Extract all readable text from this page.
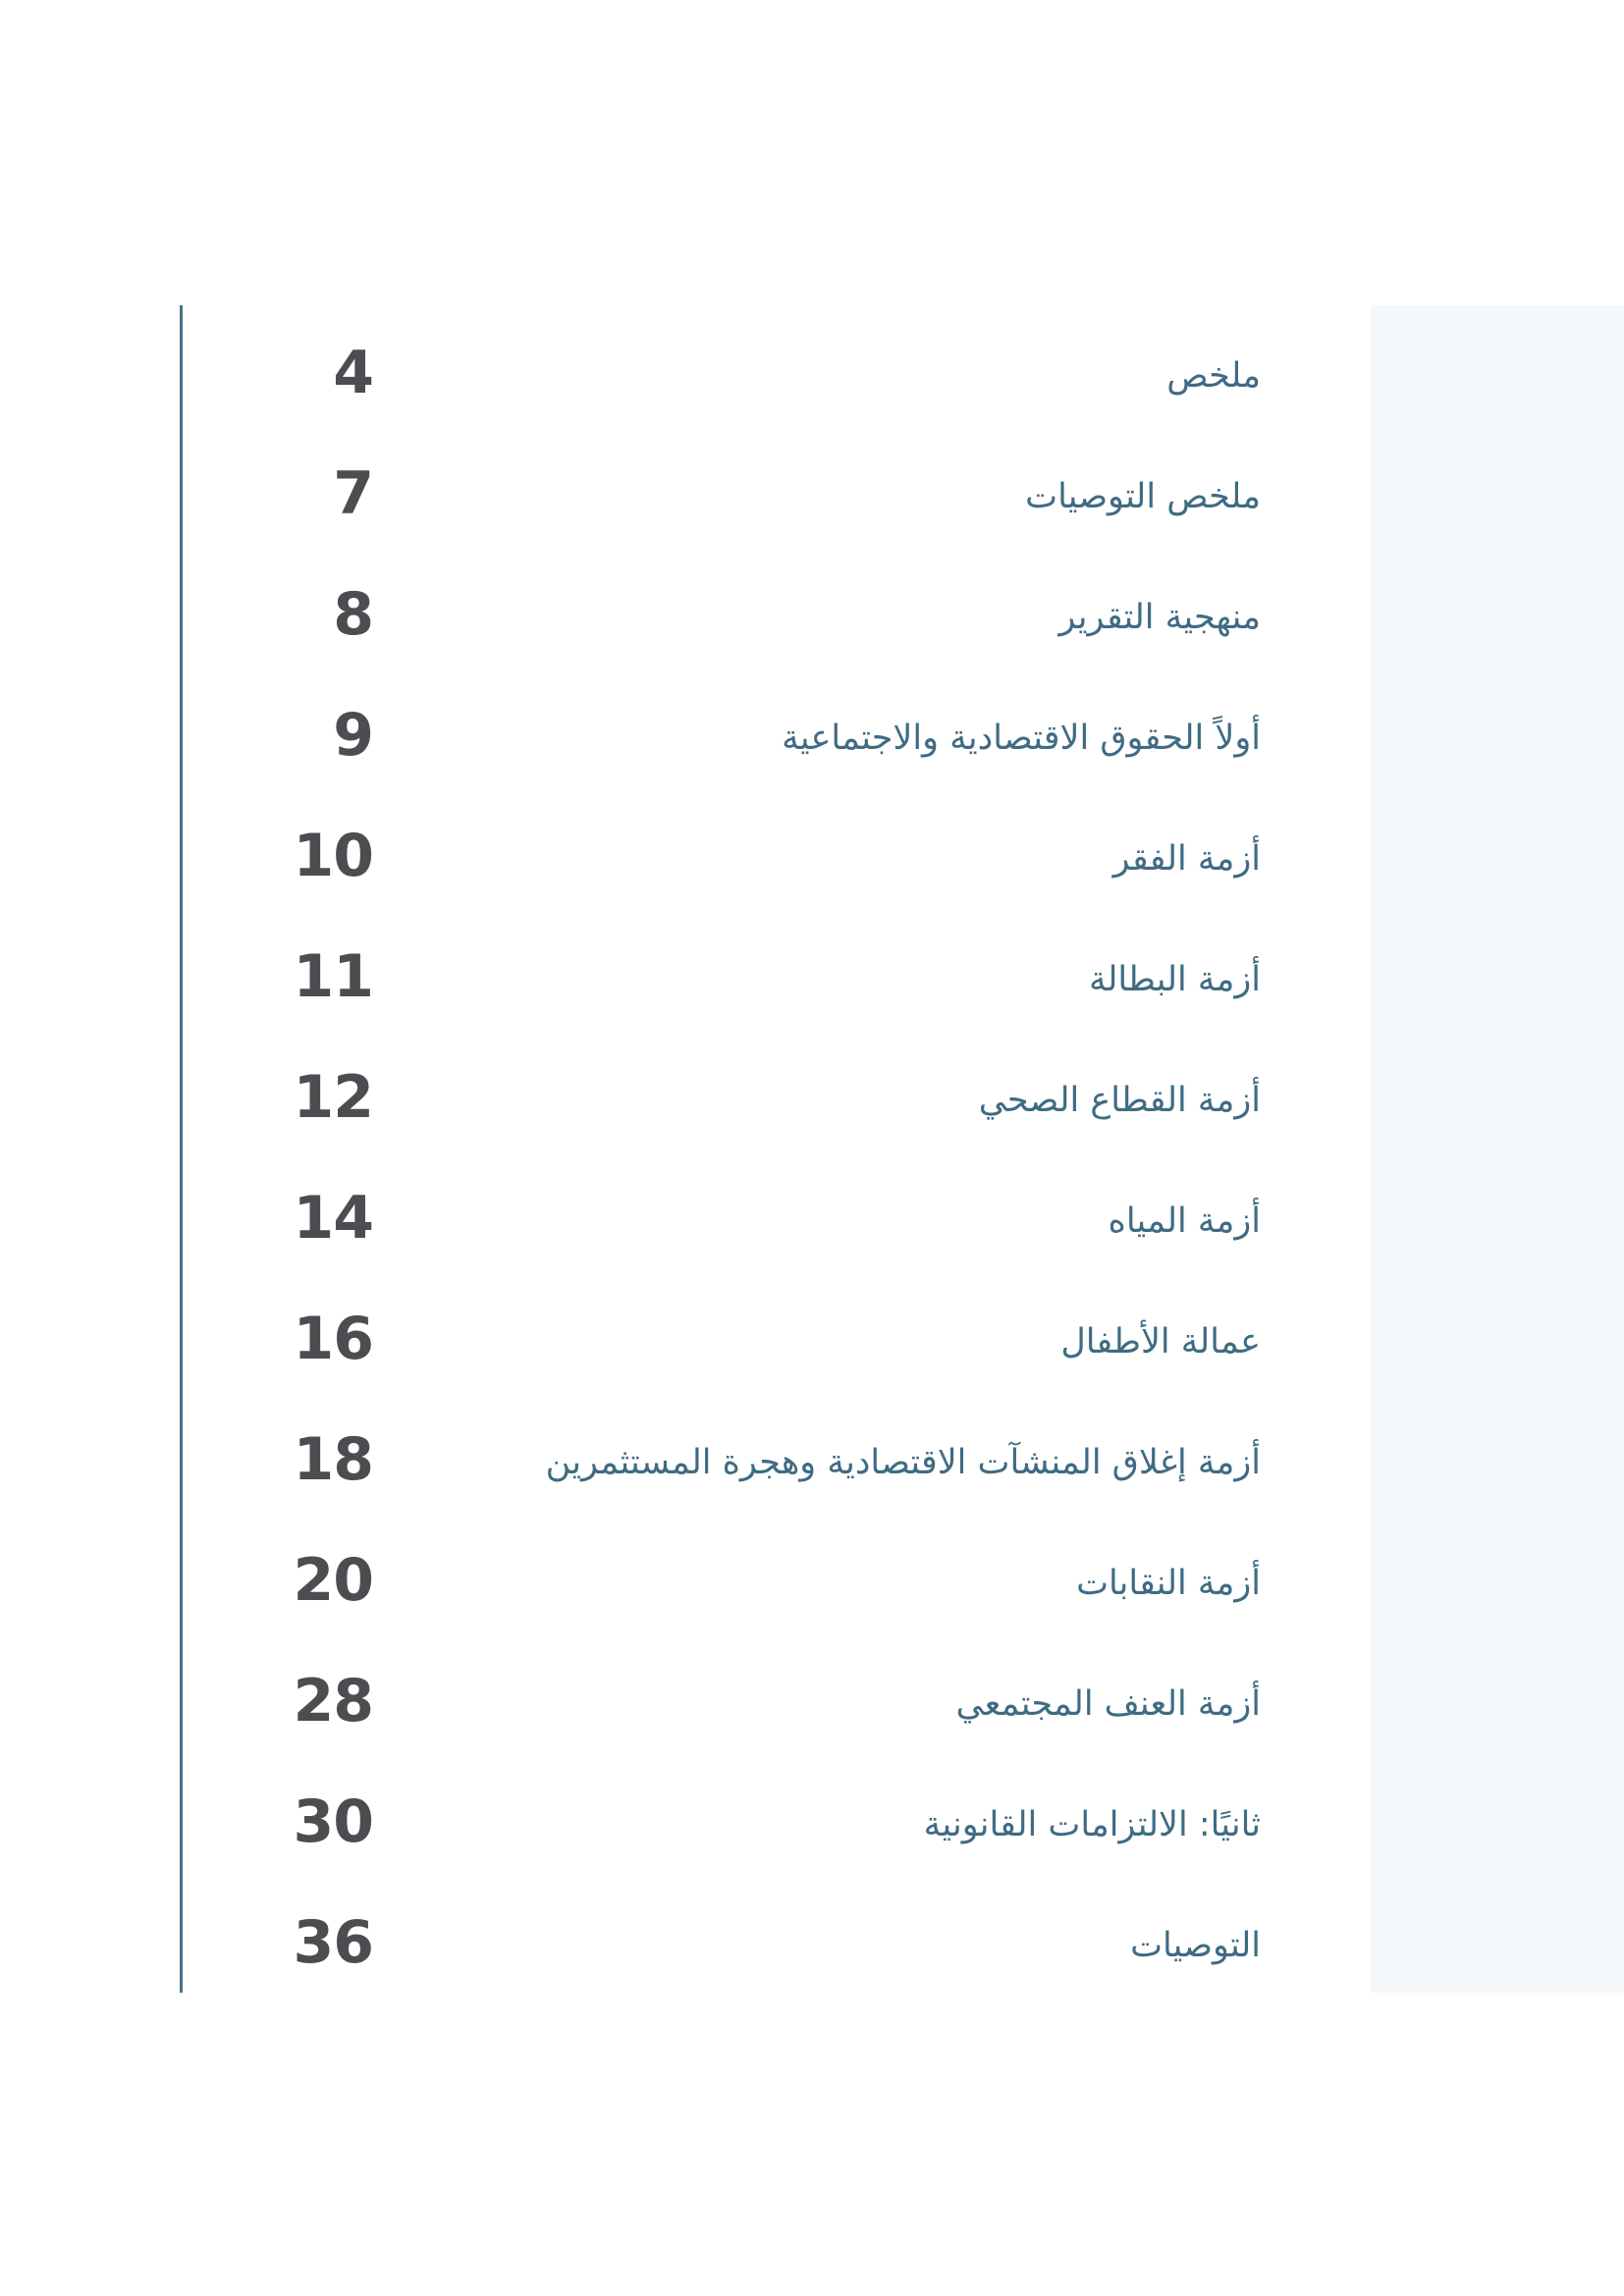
4	ملخص
7	ملخص التوصيات
8	منهجية التقرير
9	أولاً الحقوق الاقتصادية والاجتماعية
10	أزمة الفقر
11	أزمة البطالة
12	أزمة القطاع الصحي
14	أزمة المياه
16	عمالة الأطفال
18	أزمة إغلاق المنشآت الاقتصادية وهجرة المستثمرين
20	أزمة النقابات
28	أزمة العنف المجتمعي
30	ثانيًا: الالتزامات القانونية
36	التوصيات
